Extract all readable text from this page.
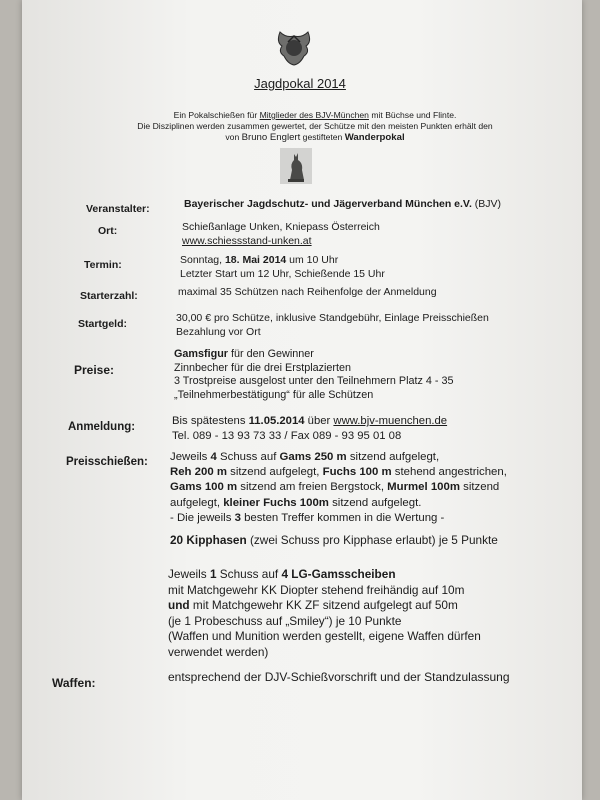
Jagdpokal 2014
Ein Pokalschießen für Mitglieder des BJV-München mit Büchse und Flinte.
Die Disziplinen werden zusammen gewertet, der Schütze mit den meisten Punkten erhält den
von Bruno Englert gestifteten Wanderpokal
Veranstalter:	Bayerischer Jagdschutz- und Jägerverband München e.V. (BJV)
Ort:	Schießanlage Unken, Kniepass Österreich
www.schiessstand-unken.at
Termin:	Sonntag, 18. Mai 2014 um 10 Uhr
Letzter Start um 12 Uhr, Schießende 15 Uhr
Starterzahl:	maximal 35 Schützen nach Reihenfolge der Anmeldung
Startgeld:	30,00 € pro Schütze, inklusive Standgebühr, Einlage Preisschießen
Bezahlung vor Ort
Preise:
Gamsfigur für den Gewinner
Zinnbecher für die drei Erstplazierten
3 Trostpreise ausgelost unter den Teilnehmern Platz 4 - 35
„Teilnehmerbestätigung“ für alle Schützen
Anmeldung:	Bis spätestens 11.05.2014 über www.bjv-muenchen.de
Tel. 089 - 13 93 73 33 / Fax 089 - 93 95 01 08
Preisschießen: Jeweils 4 Schuss auf Gams 250 m sitzend aufgelegt,
Reh 200 m sitzend aufgelegt, Fuchs 100 m stehend angestrichen,
Gams 100 m sitzend am freien Bergstock, Murmel 100m sitzend
aufgelegt, kleiner Fuchs 100m sitzend aufgelegt.
- Die jeweils 3 besten Treffer kommen in die Wertung -
20 Kipphasen (zwei Schuss pro Kipphase erlaubt) je 5 Punkte
Jeweils 1 Schuss auf 4 LG-Gamsscheiben
mit Matchgewehr KK Diopter stehend freihändig auf 10m
und mit Matchgewehr KK ZF sitzend aufgelegt auf 50m
(je 1 Probeschuss auf „Smiley“) je 10 Punkte
(Waffen und Munition werden gestellt, eigene Waffen dürfen
verwendet werden)
Waffen:	entsprechend der DJV-Schießvorschrift und der Standzulassung
